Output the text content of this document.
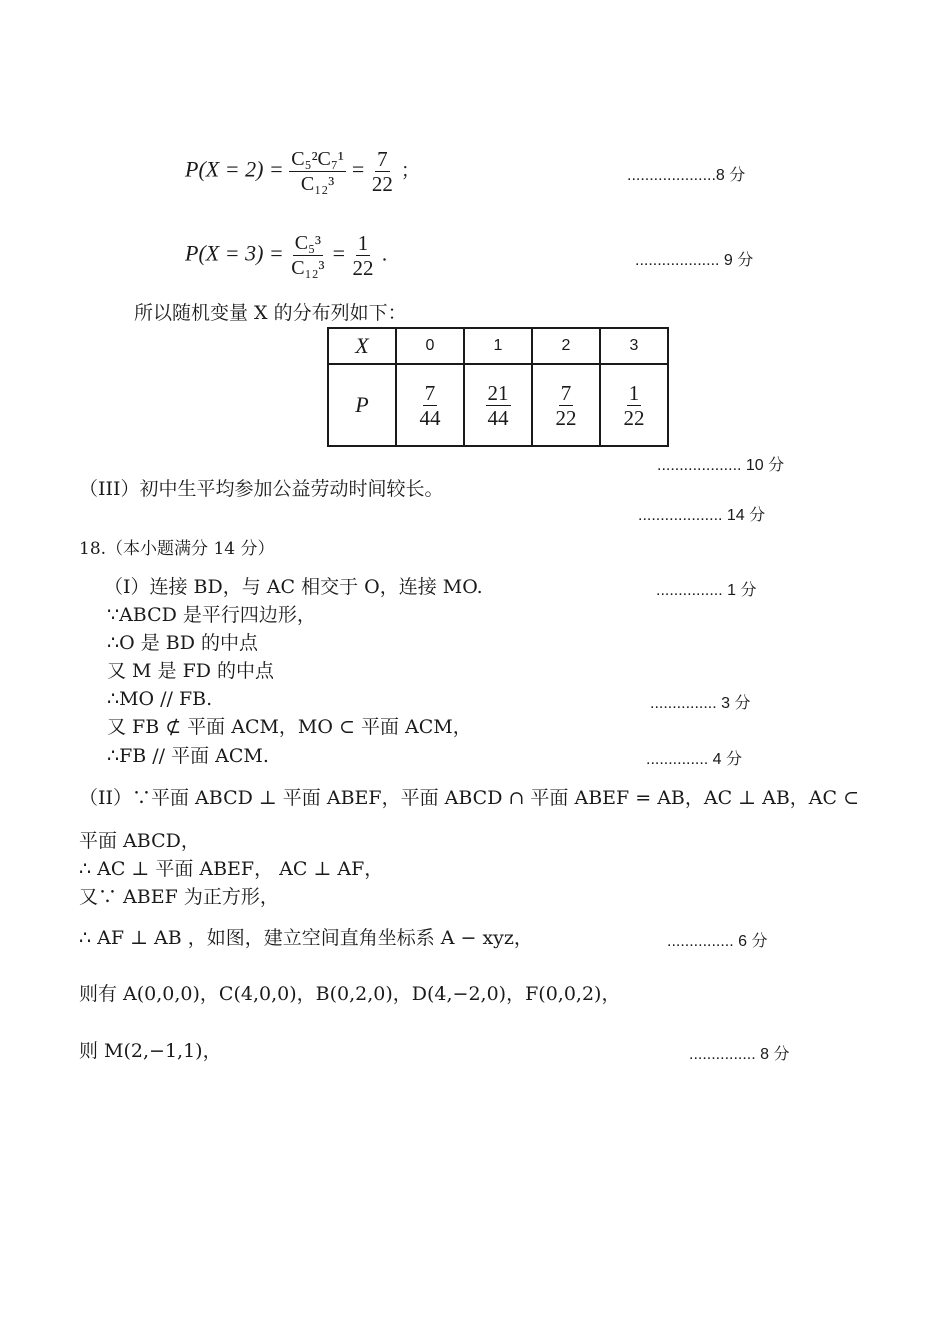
$P(X = 2) = \frac{\text{C₅²C₇¹}}{\text{C₁₂³}} = \frac{7}{22}$ ；	....................8 分
$P(X = 3) = \frac{\text{C₅³}}{\text{C₁₂³}} = \frac{1}{22}$ .	................... 9 分
所以随机变量 X 的分布列如下：
X	0	1	2	3
P	$\frac{7}{44}$	$\frac{21}{44}$	$\frac{7}{22}$	$\frac{1}{22}$
................... 10 分
（III）初中生平均参加公益劳动时间较长。
................... 14 分
18.（本小题满分 14 分）
（Ⅰ）连接 BD，与 AC 相交于 O，连接 MO.	............... 1 分
∵ABCD 是平行四边形，
∴O 是 BD 的中点
又 M 是 FD 的中点
∴MO // FB.	............... 3 分
又 FB ⊄ 平面 ACM，MO ⊂ 平面 ACM，
∴FB // 平面 ACM.	.............. 4 分
（II）∵平面 ABCD ⊥ 平面 ABEF，平面 ABCD ∩ 平面 ABEF = AB，AC ⊥ AB，AC ⊂
平面 ABCD，
∴ AC ⊥ 平面 ABEF， AC ⊥ AF，
又∵ ABEF 为正方形，
∴ AF ⊥ AB ，如图，建立空间直角坐标系 A − xyz，	............... 6 分
则有 A(0,0,0)，C(4,0,0)，B(0,2,0)，D(4,−2,0)，F(0,0,2)，
则 M(2,−1,1)，	............... 8 分
